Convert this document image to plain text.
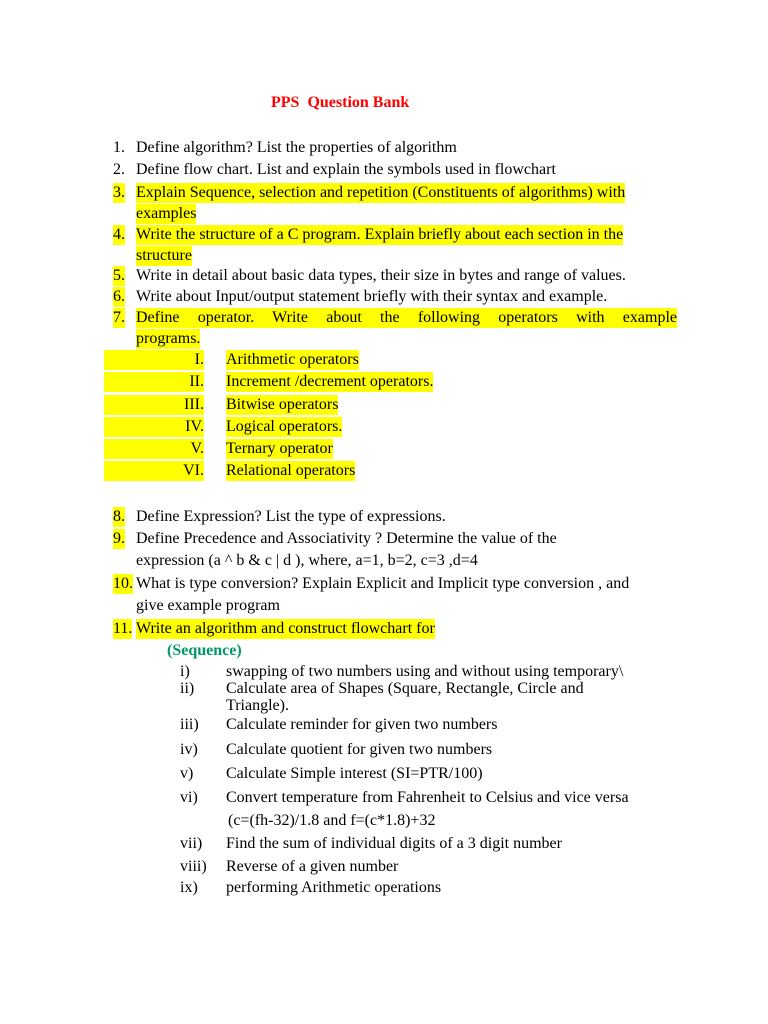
PPS  Question Bank
1. Define algorithm? List the properties of algorithm
2. Define flow chart. List and explain the symbols used in flowchart
3. Explain Sequence, selection and repetition (Constituents of algorithms) with
examples
4. Write the structure of a C program. Explain briefly about each section in the
structure
5. Write in detail about basic data types, their size in bytes and range of values.
6. Write about Input/output statement briefly with their syntax and example.
7. Define operator. Write about the following operators with example
programs.
I. Arithmetic operators
II. Increment /decrement operators.
III. Bitwise operators
IV. Logical operators.
V. Ternary operator
VI. Relational operators
8. Define Expression? List the type of expressions.
9. Define Precedence and Associativity ? Determine the value of the
expression (a ^ b & c | d ), where, a=1, b=2, c=3 ,d=4
10. What is type conversion? Explain Explicit and Implicit type conversion , and
give example program
11. Write an algorithm and construct flowchart for
(Sequence)
i) swapping of two numbers using and without using temporary\
ii) Calculate area of Shapes (Square, Rectangle, Circle and
Triangle).
iii) Calculate reminder for given two numbers
iv) Calculate quotient for given two numbers
v) Calculate Simple interest (SI=PTR/100)
vi) Convert temperature from Fahrenheit to Celsius and vice versa
(c=(fh-32)/1.8 and f=(c*1.8)+32
vii) Find the sum of individual digits of a 3 digit number
viii) Reverse of a given number
ix) performing Arithmetic operations
